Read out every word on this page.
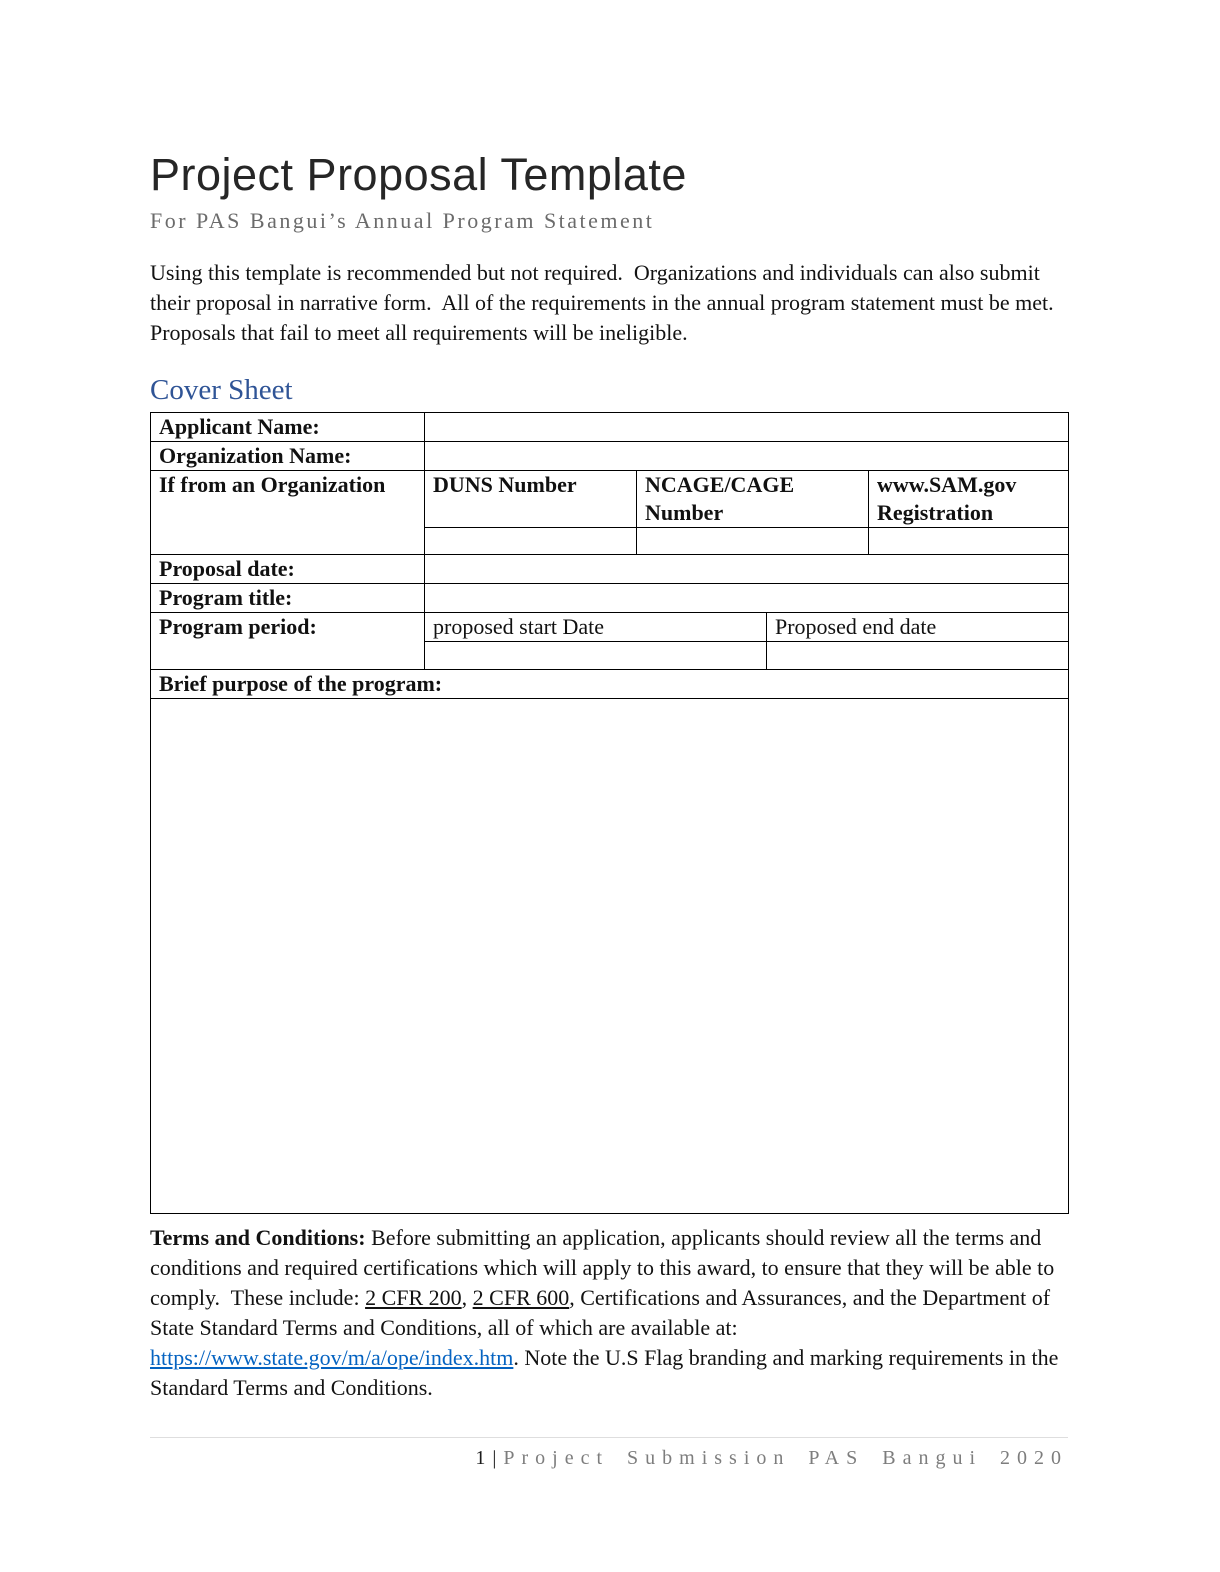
Project Proposal Template
For PAS Bangui’s Annual Program Statement

Using this template is recommended but not required.  Organizations and individuals can also submit their proposal in narrative form.  All of the requirements in the annual program statement must be met.  Proposals that fail to meet all requirements will be ineligible.

Cover Sheet
Applicant Name:				
Organization Name:				
If from an Organization	DUNS Number	NCAGE/CAGE Number		www.SAM.gov Registration

Proposal date:				
Program title:				
Program period:	proposed start Date		Proposed end date	

Brief purpose of the program:				

Terms and Conditions: Before submitting an application, applicants should review all the terms and conditions and required certifications which will apply to this award, to ensure that they will be able to comply.  These include: 2 CFR 200, 2 CFR 600, Certifications and Assurances, and the Department of State Standard Terms and Conditions, all of which are available at: https://www.state.gov/m/a/ope/index.htm. Note the U.S Flag branding and marking requirements in the Standard Terms and Conditions.

1|Project Submission PAS Bangui 2020
